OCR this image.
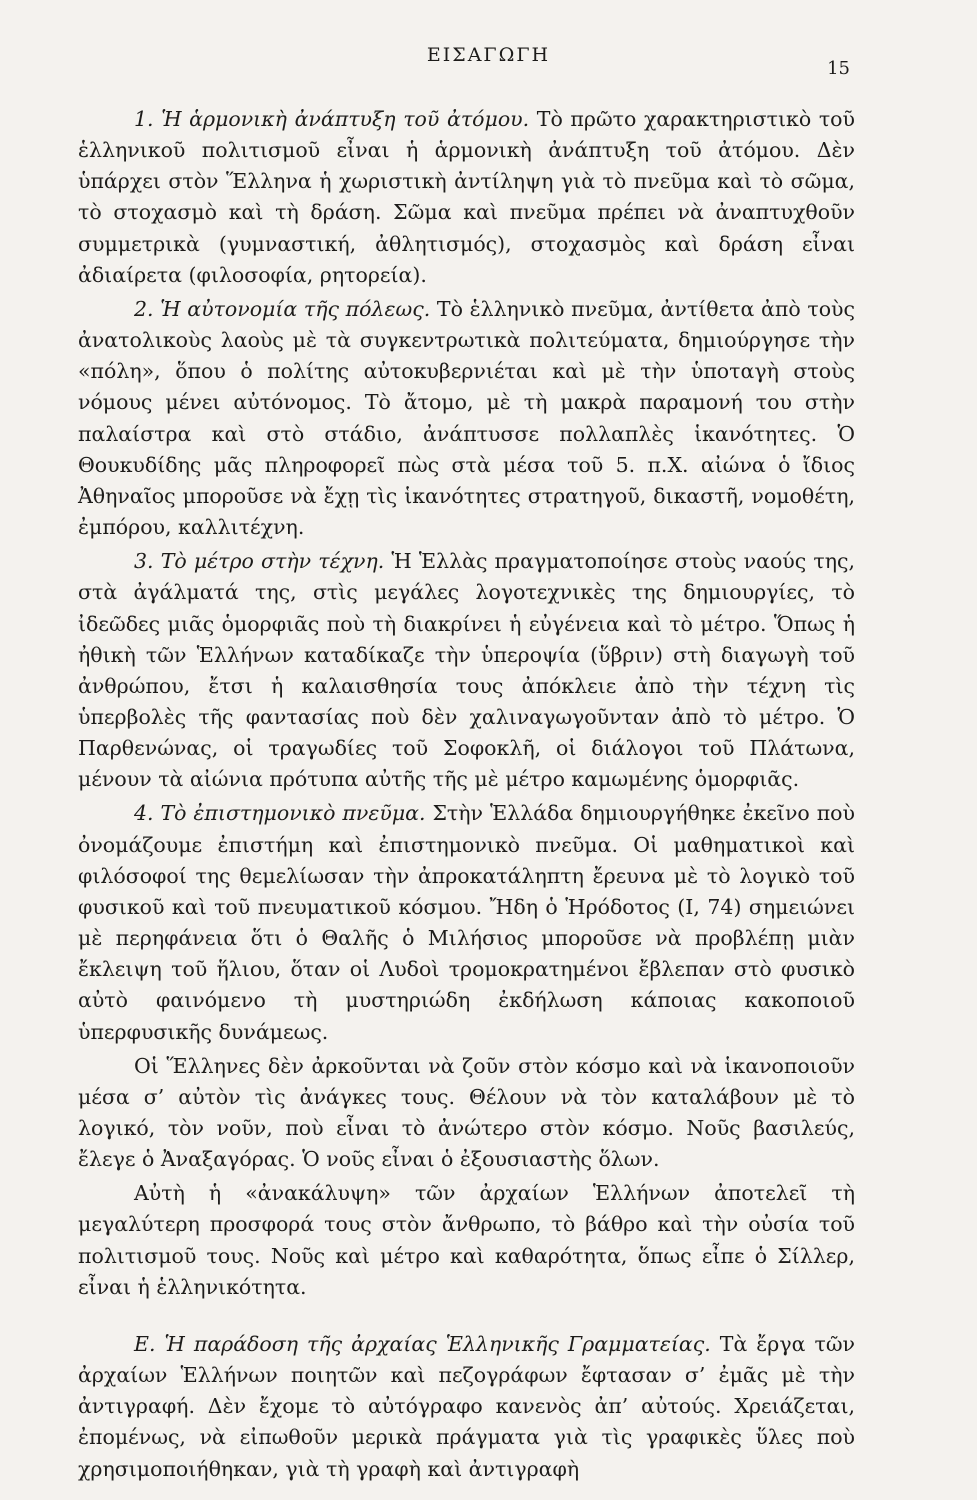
ΕΙΣΑΓΩΓΗ
15

1. Ἡ ἁρμονικὴ ἀνάπτυξη τοῦ ἀτόμου. Τὸ πρῶτο χαρακτηριστικὸ τοῦ ἑλληνικοῦ πολιτισμοῦ εἶναι ἡ ἁρμονικὴ ἀνάπτυξη τοῦ ἀτόμου. Δὲν ὑπάρχει στὸν Ἕλληνα ἡ χωριστικὴ ἀντίληψη γιὰ τὸ πνεῦμα καὶ τὸ σῶμα, τὸ στοχασμὸ καὶ τὴ δράση. Σῶμα καὶ πνεῦμα πρέπει νὰ ἀναπτυχθοῦν συμμετρικὰ (γυμναστική, ἀθλητισμός), στοχασμὸς καὶ δράση εἶναι ἀδιαίρετα (φιλοσοφία, ρητορεία).

2. Ἡ αὐτονομία τῆς πόλεως. Τὸ ἑλληνικὸ πνεῦμα, ἀντίθετα ἀπὸ τοὺς ἀνατολικοὺς λαοὺς μὲ τὰ συγκεντρωτικὰ πολιτεύματα, δημιούργησε τὴν «πόλη», ὅπου ὁ πολίτης αὐτοκυβερνιέται καὶ μὲ τὴν ὑποταγὴ στοὺς νόμους μένει αὐτόνομος. Τὸ ἄτομο, μὲ τὴ μακρὰ παραμονή του στὴν παλαίστρα καὶ στὸ στάδιο, ἀνάπτυσσε πολλαπλὲς ἱκανότητες. Ὁ Θουκυδίδης μᾶς πληροφορεῖ πὼς στὰ μέσα τοῦ 5. π.Χ. αἰώνα ὁ ἴδιος Ἀθηναῖος μποροῦσε νὰ ἔχῃ τὶς ἱκανότητες στρατηγοῦ, δικαστῆ, νομοθέτη, ἐμπόρου, καλλιτέχνη.

3. Τὸ μέτρο στὴν τέχνη. Ἡ Ἑλλὰς πραγματοποίησε στοὺς ναούς της, στὰ ἀγάλματά της, στὶς μεγάλες λογοτεχνικὲς της δημιουργίες, τὸ ἰδεῶδες μιᾶς ὁμορφιᾶς ποὺ τὴ διακρίνει ἡ εὐγένεια καὶ τὸ μέτρο. Ὅπως ἡ ἠθικὴ τῶν Ἑλλήνων καταδίκαζε τὴν ὑπεροψία (ὕβριν) στὴ διαγωγὴ τοῦ ἀνθρώπου, ἔτσι ἡ καλαισθησία τους ἀπόκλειε ἀπὸ τὴν τέχνη τὶς ὑπερβολὲς τῆς φαντασίας ποὺ δὲν χαλιναγωγοῦνταν ἀπὸ τὸ μέτρο. Ὁ Παρθενώνας, οἱ τραγωδίες τοῦ Σοφοκλῆ, οἱ διάλογοι τοῦ Πλάτωνα, μένουν τὰ αἰώνια πρότυπα αὐτῆς τῆς μὲ μέτρο καμωμένης ὁμορφιᾶς.

4. Τὸ ἐπιστημονικὸ πνεῦμα. Στὴν Ἑλλάδα δημιουργήθηκε ἐκεῖνο ποὺ ὀνομάζουμε ἐπιστήμη καὶ ἐπιστημονικὸ πνεῦμα. Οἱ μαθηματικοὶ καὶ φιλόσοφοί της θεμελίωσαν τὴν ἀπροκατάληπτη ἔρευνα μὲ τὸ λογικὸ τοῦ φυσικοῦ καὶ τοῦ πνευματικοῦ κόσμου. Ἤδη ὁ Ἡρόδοτος (Ι, 74) σημειώνει μὲ περηφάνεια ὅτι ὁ Θαλῆς ὁ Μιλήσιος μποροῦσε νὰ προβλέπῃ μιὰν ἔκλειψη τοῦ ἥλιου, ὅταν οἱ Λυδοὶ τρομοκρατημένοι ἔβλεπαν στὸ φυσικὸ αὐτὸ φαινόμενο τὴ μυστηριώδη ἐκδήλωση κάποιας κακοποιοῦ ὑπερφυσικῆς δυνάμεως.

Οἱ Ἕλληνες δὲν ἀρκοῦνται νὰ ζοῦν στὸν κόσμο καὶ νὰ ἱκανοποιοῦν μέσα σ’ αὐτὸν τὶς ἀνάγκες τους. Θέλουν νὰ τὸν καταλάβουν μὲ τὸ λογικό, τὸν νοῦν, ποὺ εἶναι τὸ ἀνώτερο στὸν κόσμο. Νοῦς βασιλεύς, ἔλεγε ὁ Ἀναξαγόρας. Ὁ νοῦς εἶναι ὁ ἐξουσιαστὴς ὅλων.

Αὐτὴ ἡ «ἀνακάλυψη» τῶν ἀρχαίων Ἑλλήνων ἀποτελεῖ τὴ μεγαλύτερη προσφορά τους στὸν ἄνθρωπο, τὸ βάθρο καὶ τὴν οὐσία τοῦ πολιτισμοῦ τους. Νοῦς καὶ μέτρο καὶ καθαρότητα, ὅπως εἶπε ὁ Σίλλερ, εἶναι ἡ ἑλληνικότητα.

Ε. Ἡ παράδοση τῆς ἀρχαίας Ἑλληνικῆς Γραμματείας. Τὰ ἔργα τῶν ἀρχαίων Ἑλλήνων ποιητῶν καὶ πεζογράφων ἔφτασαν σ’ ἐμᾶς μὲ τὴν ἀντιγραφή. Δὲν ἔχομε τὸ αὐτόγραφο κανενὸς ἀπ’ αὐτούς. Χρειάζεται, ἐπομένως, νὰ εἰπωθοῦν μερικὰ πράγματα γιὰ τὶς γραφικὲς ὕλες ποὺ χρησιμοποιήθηκαν, γιὰ τὴ γραφὴ καὶ ἀντιγραφὴ
